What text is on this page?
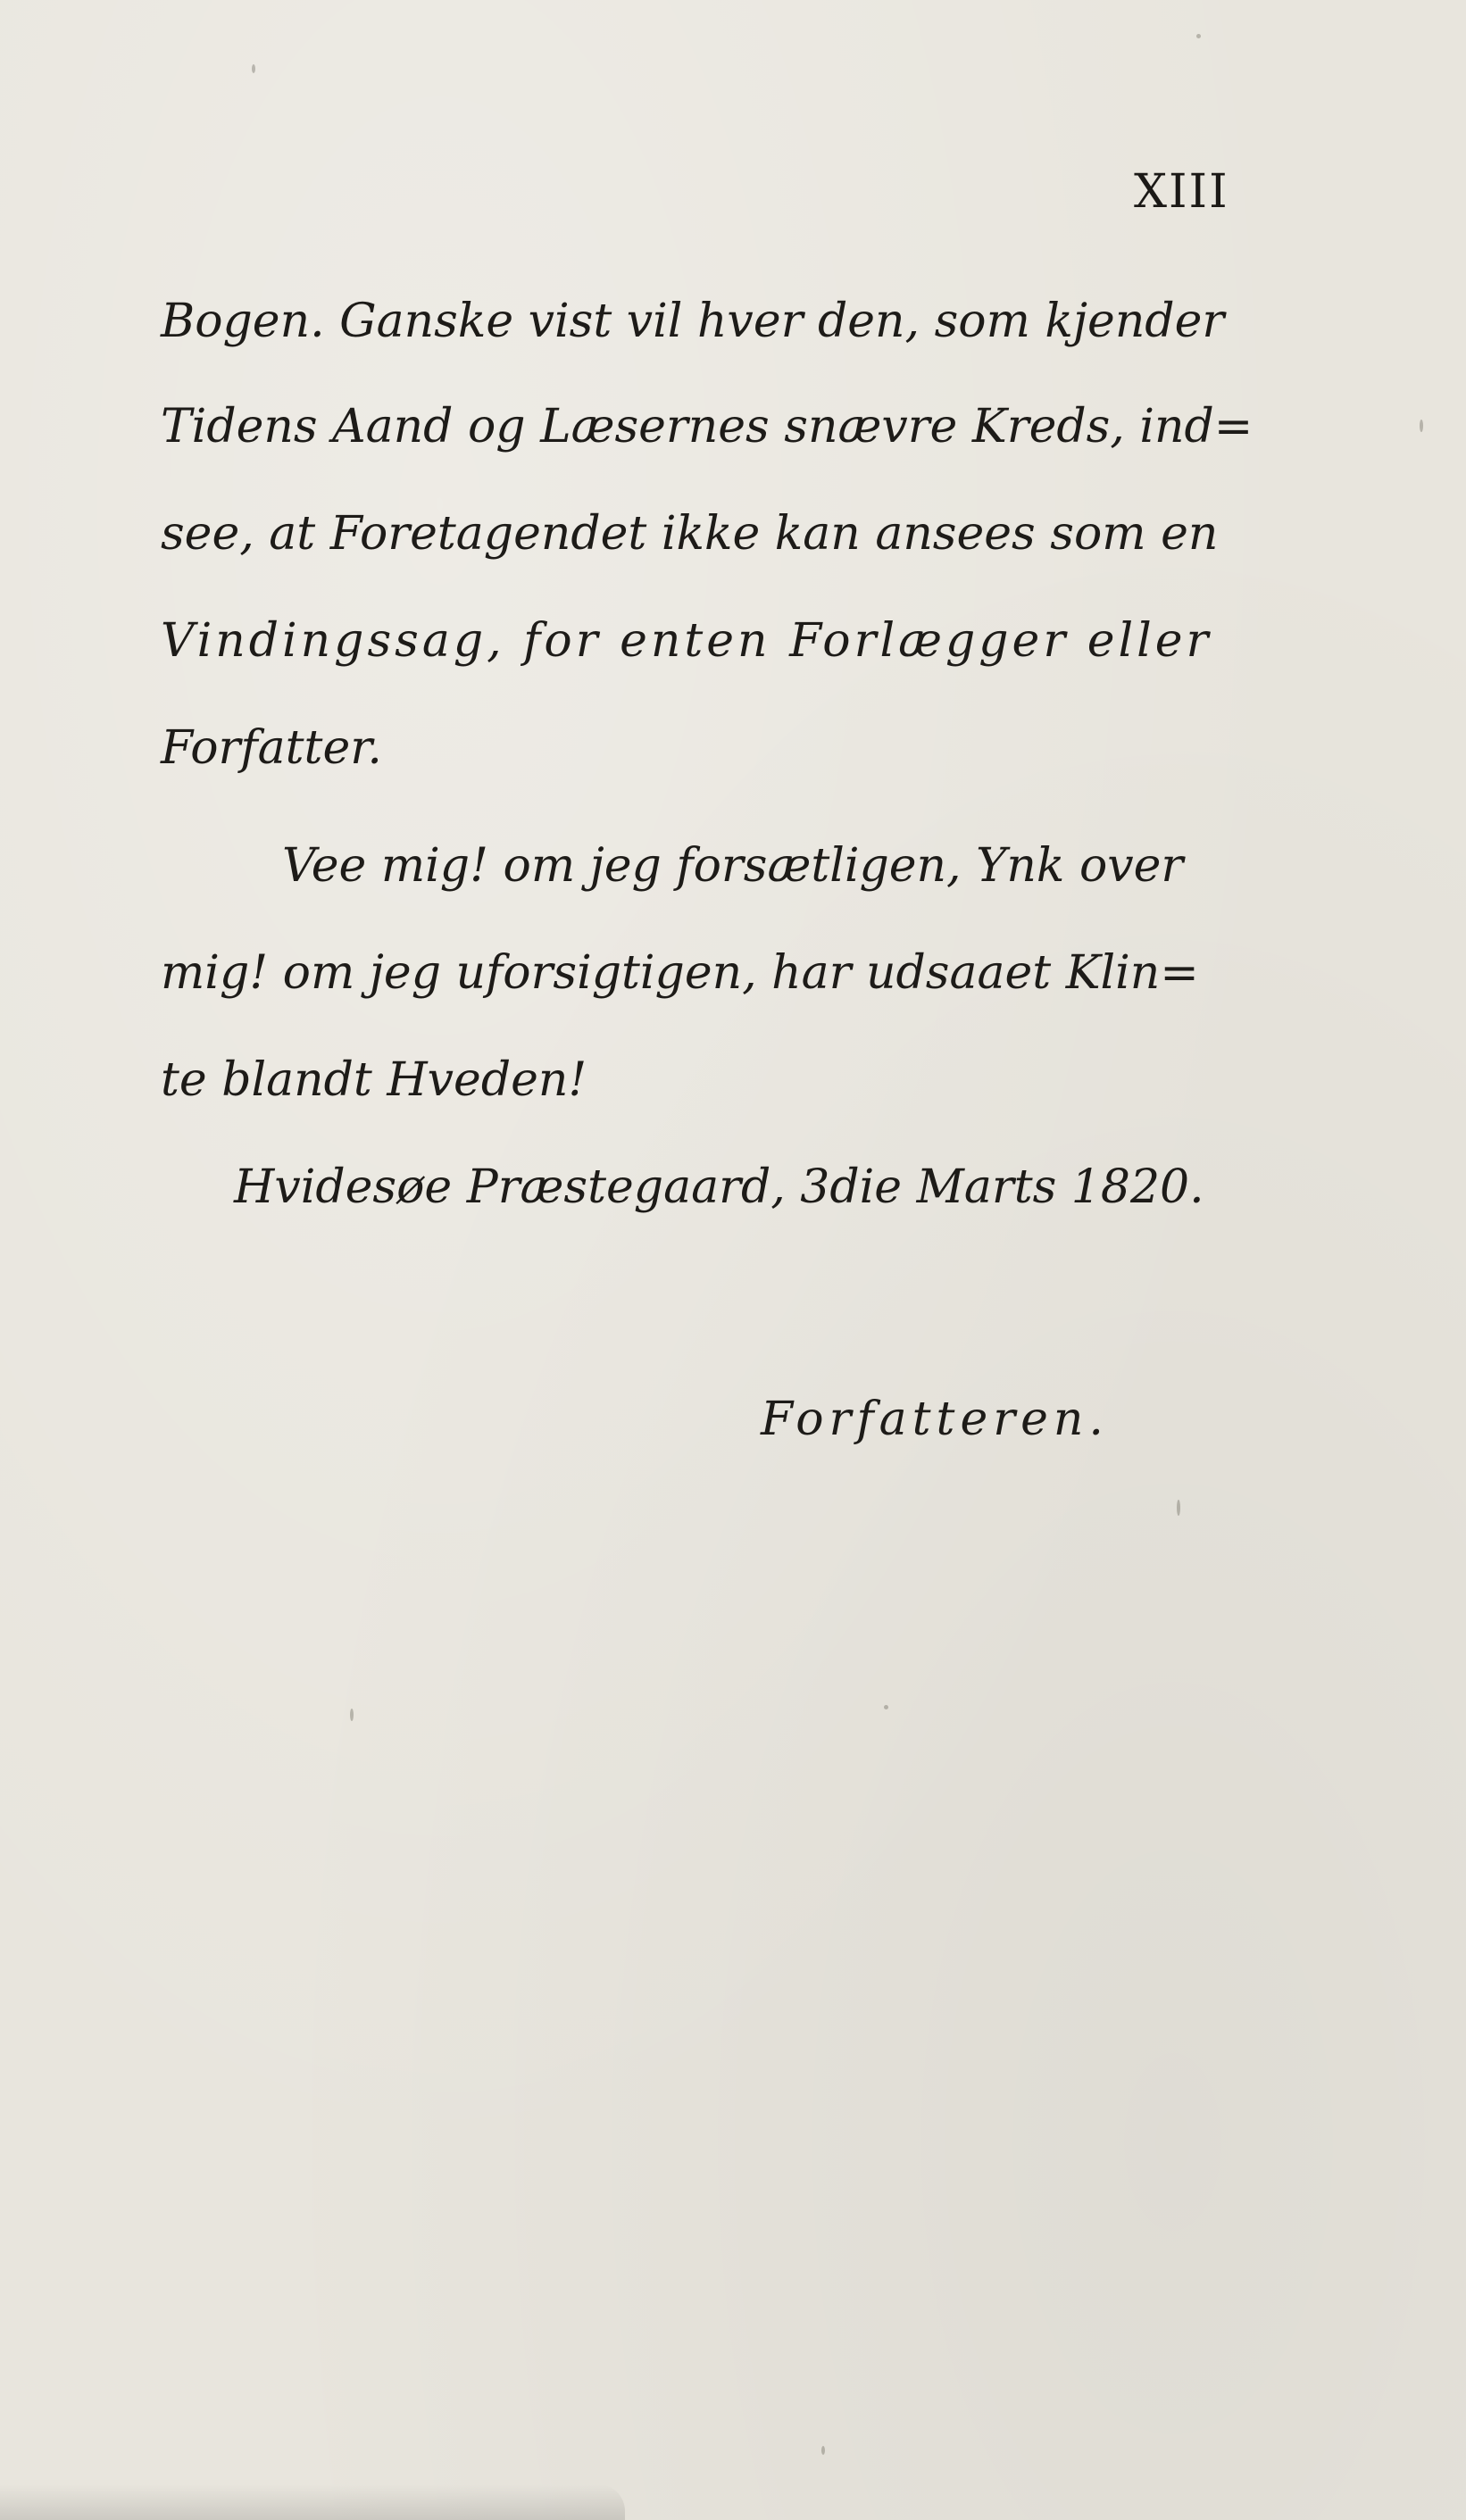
XIII
Bogen. Ganske vist vil hver den, som kjender
Tidens Aand og Læsernes snævre Kreds, ind=
see, at Foretagendet ikke kan ansees som en
Vindingssag, for enten Forlægger eller
Forfatter.
Vee mig! om jeg forsætligen, Ynk over
mig! om jeg uforsigtigen, har udsaaet Klin=
te blandt Hveden!
Hvidesøe Præstegaard, 3die Marts 1820.
Forfatteren.
